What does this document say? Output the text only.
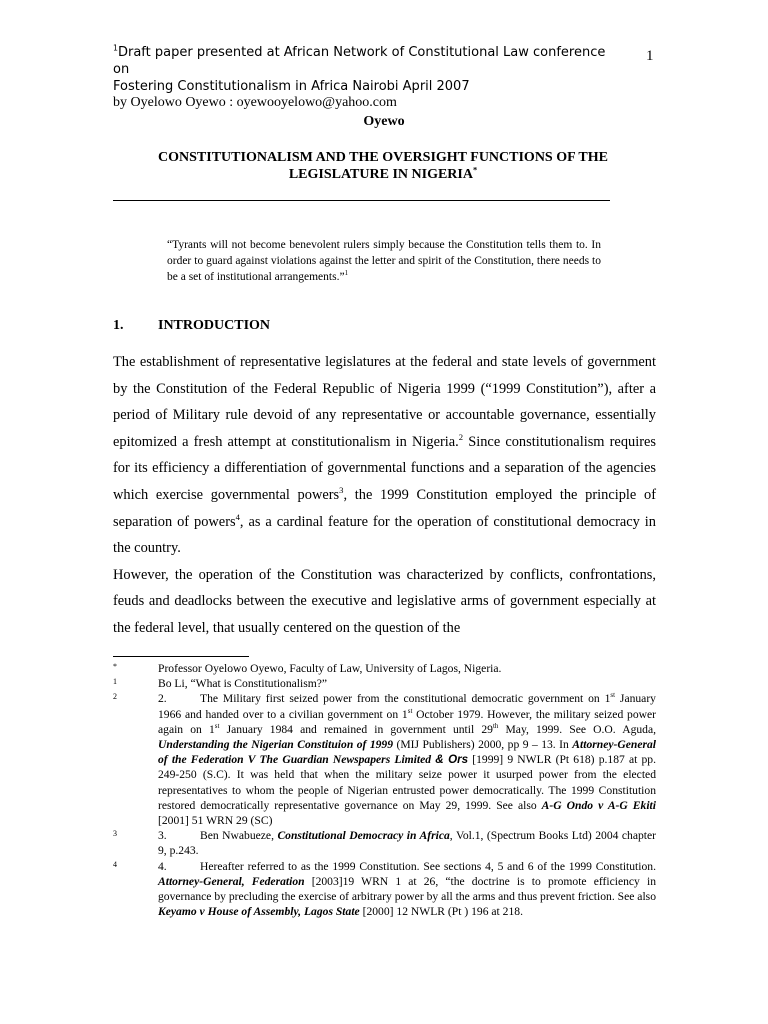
$^1$Draft paper presented at African Network of Constitutional Law conference on
Fostering Constitutionalism in Africa Nairobi April 2007
1
by Oyelowo Oyewo : oyewooyelowo@yahoo.com
Oyewo
CONSTITUTIONALISM AND THE OVERSIGHT FUNCTIONS OF THE
LEGISLATURE IN NIGERIA*
“Tyrants will not become benevolent rulers simply because the Constitution tells them to. In order to guard against violations against the letter and spirit of the Constitution, there needs to be a set of institutional arrangements.”$^1$
1. INTRODUCTION

The establishment of representative legislatures at the federal and state levels of government by the Constitution of the Federal Republic of Nigeria 1999 (“1999 Constitution”), after a period of Military rule devoid of any representative or accountable governance, essentially epitomized a fresh attempt at constitutionalism in Nigeria.$^2$ Since constitutionalism requires for its efficiency a differentiation of governmental functions and a separation of the agencies which exercise governmental powers$^3$, the 1999 Constitution employed the principle of separation of powers$^4$, as a cardinal feature for the operation of constitutional democracy in the country.

However, the operation of the Constitution was characterized by conflicts, confrontations, feuds and deadlocks between the executive and legislative arms of government especially at the federal level, that usually centered on the question of the

*	Professor Oyelowo Oyewo, Faculty of Law, University of Lagos, Nigeria.
1	Bo Li, “What is Constitutionalism?”
2	2.	The Military first seized power from the constitutional democratic government on 1st January 1966 and handed over to a civilian government on 1st October 1979. However, the military seized power again on 1st January 1984 and remained in government until 29th May, 1999. See O.O. Aguda, Understanding the Nigerian Constituion of 1999 (MIJ Publishers) 2000, pp 9 – 13. In Attorney-General of the Federation V The Guardian Newspapers Limited & Ors [1999] 9 NWLR (Pt 618) p.187 at pp. 249-250 (S.C). It was held that when the military seize power it usurped power from the elected representatives to whom the people of Nigerian entrusted power democratically. The 1999 Constitution restored democratically representative governance on May 29, 1999. See also A-G Ondo v A-G Ekiti [2001] 51 WRN 29 (SC)
3	3.	Ben Nwabueze, Constitutional Democracy in Africa, Vol.1, (Spectrum Books Ltd) 2004 chapter 9, p.243.
4	4.	Hereafter referred to as the 1999 Constitution. See sections 4, 5 and 6 of the 1999 Constitution. Attorney-General, Federation [2003]19 WRN 1 at 26, “the doctrine is to promote efficiency in governance by precluding the exercise of arbitrary power by all the arms and thus prevent friction. See also Keyamo v House of Assembly, Lagos State [2000] 12 NWLR (Pt ) 196 at 218.
